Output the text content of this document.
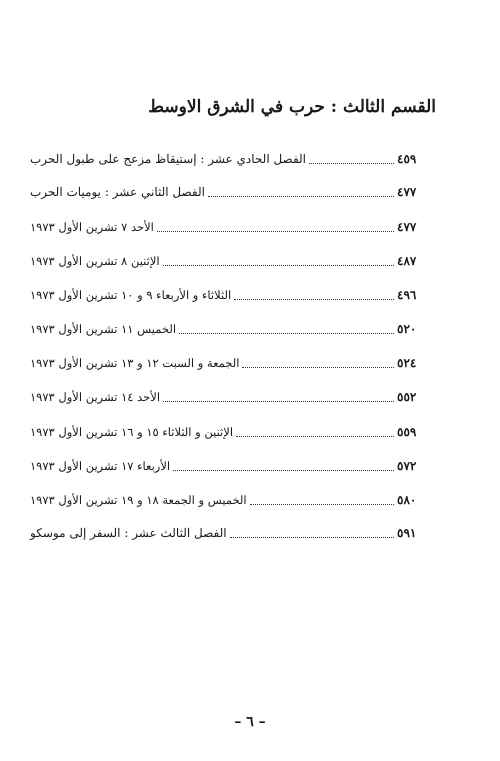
القسم الثالث : حرب في الشرق الاوسط
الفصل الحادي عشر : إستيقاظ مزعج على طبول الحرب	٤٥٩
الفصل الثاني عشر : يوميات الحرب	٤٧٧
الأحد ٧ تشرين الأول ١٩٧٣	٤٧٧
الإثنين ٨ تشرين الأول ١٩٧٣	٤٨٧
الثلاثاء و الأربعاء ٩ و ١٠ تشرين الأول ١٩٧٣	٤٩٦
الخميس ١١ تشرين الأول ١٩٧٣	٥٢٠
الجمعة و السبت ١٢ و ١٣ تشرين الأول ١٩٧٣	٥٢٤
الأحد ١٤ تشرين الأول ١٩٧٣	٥٥٢
الإثنين و الثلاثاء ١٥ و ١٦ تشرين الأول ١٩٧٣	٥٥٩
الأربعاء ١٧ تشرين الأول ١٩٧٣	٥٧٢
الخميس و الجمعة ١٨ و ١٩ تشرين الأول ١٩٧٣	٥٨٠
الفصل الثالث عشر : السفر إلى موسكو	٥٩١
– ٦ –
